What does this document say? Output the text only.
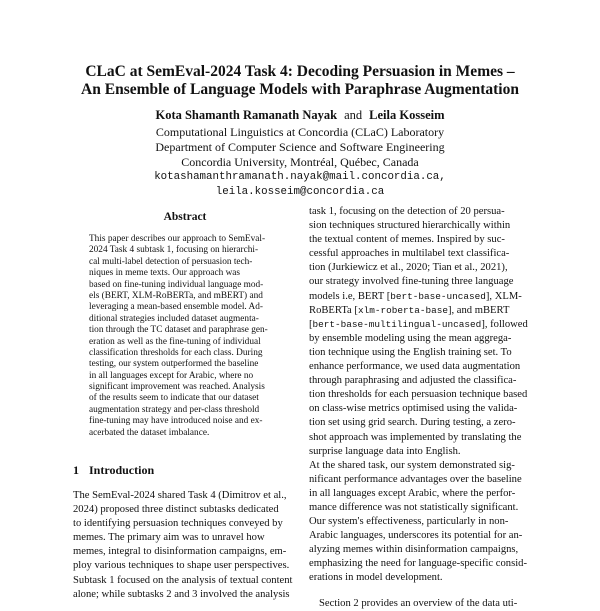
CLaC at SemEval-2024 Task 4: Decoding Persuasion in Memes –
An Ensemble of Language Models with Paraphrase Augmentation
Kota Shamanth Ramanath Nayak and Leila Kosseim
Computational Linguistics at Concordia (CLaC) Laboratory
Department of Computer Science and Software Engineering
Concordia University, Montréal, Québec, Canada
kotashamanthramanath.nayak@mail.concordia.ca,
leila.kosseim@concordia.ca
Abstract
This paper describes our approach to SemEval-
2024 Task 4 subtask 1, focusing on hierarchi-
cal multi-label detection of persuasion tech-
niques in meme texts. Our approach was
based on fine-tuning individual language mod-
els (BERT, XLM-RoBERTa, and mBERT) and
leveraging a mean-based ensemble model. Ad-
ditional strategies included dataset augmenta-
tion through the TC dataset and paraphrase gen-
eration as well as the fine-tuning of individual
classification thresholds for each class. During
testing, our system outperformed the baseline
in all languages except for Arabic, where no
significant improvement was reached. Analysis
of the results seem to indicate that our dataset
augmentation strategy and per-class threshold
fine-tuning may have introduced noise and ex-
acerbated the dataset imbalance.
1 Introduction
The SemEval-2024 shared Task 4 (Dimitrov et al.,
2024) proposed three distinct subtasks dedicated
to identifying persuasion techniques conveyed by
memes. The primary aim was to unravel how
memes, integral to disinformation campaigns, em-
ploy various techniques to shape user perspectives.
Subtask 1 focused on the analysis of textual content
alone; while subtasks 2 and 3 involved the analysis
task 1, focusing on the detection of 20 persua-
sion techniques structured hierarchically within
the textual content of memes. Inspired by suc-
cessful approaches in multilabel text classifica-
tion (Jurkiewicz et al., 2020; Tian et al., 2021),
our strategy involved fine-tuning three language
models i.e, BERT [bert-base-uncased], XLM-
RoBERTa [xlm-roberta-base], and mBERT
[bert-base-multilingual-uncased], followed
by ensemble modeling using the mean aggrega-
tion technique using the English training set. To
enhance performance, we used data augmentation
through paraphrasing and adjusted the classifica-
tion thresholds for each persuasion technique based
on class-wise metrics optimised using the valida-
tion set using grid search. During testing, a zero-
shot approach was implemented by translating the
surprise language data into English.
At the shared task, our system demonstrated sig-
nificant performance advantages over the baseline
in all languages except Arabic, where the perfor-
mance difference was not statistically significant.
Our system's effectiveness, particularly in non-
Arabic languages, underscores its potential for an-
alyzing memes within disinformation campaigns,
emphasizing the need for language-specific consid-
erations in model development.
Section 2 provides an overview of the data uti-
